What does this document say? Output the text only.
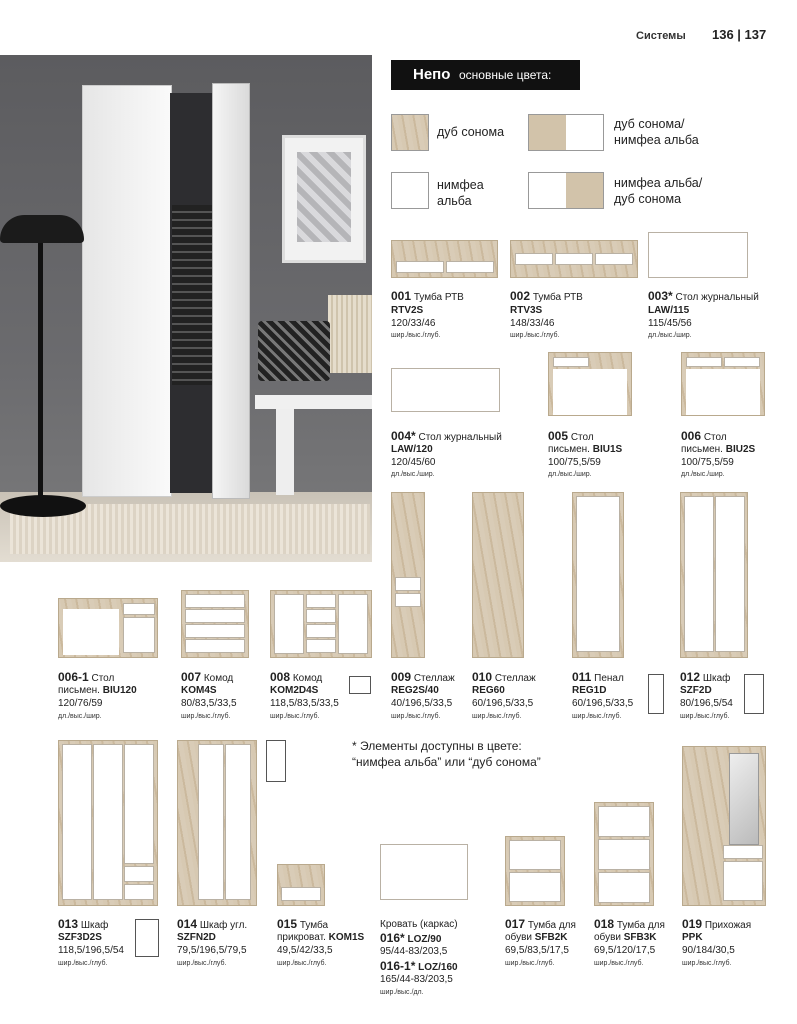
Системы 136 | 137
Непо основные цвета:
дуб сонома
нимфеа альба
дуб сонома/ нимфеа альба
нимфеа альба/ дуб сонома
001 Тумба РТВ
RTV2S
120/33/46
шир./выс./глуб.
002 Тумба РТВ
RTV3S
148/33/46
шир./выс./глуб.
003* Стол журнальный
LAW/115
115/45/56
дл./выс./шир.
004* Стол журнальный
LAW/120
120/45/60
дл./выс./шир.
005 Стол
письмен. BIU1S
100/75,5/59
дл./выс./шир.
006 Стол
письмен. BIU2S
100/75,5/59
дл./выс./шир.
006-1 Стол
письмен. BIU120
120/76/59
дл./выс./шир.
007 Комод
KOM4S
80/83,5/33,5
шир./выс./глуб.
008 Комод
KOM2D4S
118,5/83,5/33,5
шир./выс./глуб.
009 Стеллаж
REG2S/40
40/196,5/33,5
шир./выс./глуб.
010 Стеллаж
REG60
60/196,5/33,5
шир./выс./глуб.
011 Пенал
REG1D
60/196,5/33,5
шир./выс./глуб.
012 Шкаф
SZF2D
80/196,5/54
шир./выс./глуб.
* Элементы доступны в цвете:
“нимфеа альба” или “дуб сонома”
013 Шкаф
SZF3D2S
118,5/196,5/54
шир./выс./глуб.
014 Шкаф угл.
SZFN2D
79,5/196,5/79,5
шир./выс./глуб.
015 Тумба
прикроват. KOM1S
49,5/42/33,5
шир./выс./глуб.
Кровать (каркас)
016* LOZ/90
95/44-83/203,5
016-1* LOZ/160
165/44-83/203,5
шир./выс./дл.
017 Тумба для
обуви SFB2K
69,5/83,5/17,5
шир./выс./глуб.
018 Тумба для
обуви SFB3K
69,5/120/17,5
шир./выс./глуб.
019 Прихожая
PPK
90/184/30,5
шир./выс./глуб.
